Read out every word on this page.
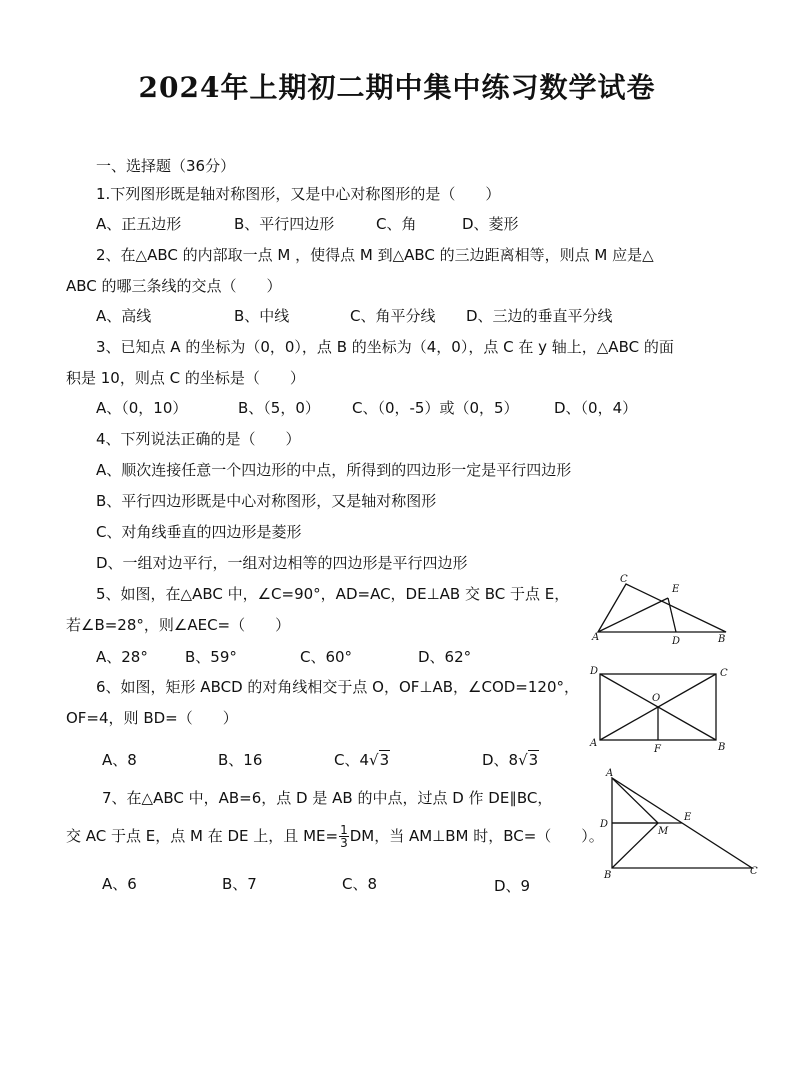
2024年上期初二期中集中练习数学试卷
一、选择题（36分）
1.下列图形既是轴对称图形，又是中心对称图形的是（　　）
A、正五边形	B、平行四边形	C、角	D、菱形
2、在△ABC 的内部取一点 M ，使得点 M 到△ABC 的三边距离相等，则点 M 应是△
ABC 的哪三条线的交点（　　）
A、高线	B、中线	C、角平分线 D、三边的垂直平分线
3、已知点 A 的坐标为（0，0），点 B 的坐标为（4，0），点 C 在 y 轴上，△ABC 的面
积是 10，则点 C 的坐标是（　　）
A、（0，10）	B、（5，0） C、（0，-5）或（0，5） D、（0，4）
4、下列说法正确的是（　　）
A、顺次连接任意一个四边形的中点，所得到的四边形一定是平行四边形
B、平行四边形既是中心对称图形，又是轴对称图形
C、对角线垂直的四边形是菱形
D、一组对边平行，一组对边相等的四边形是平行四边形
5、如图，在△ABC 中，∠C=90°，AD=AC，DE⊥AB 交 BC 于点 E，
若∠B=28°，则∠AEC=（　　）
A、28° B、59°	C、60°	D、62°
C
E
A	D	B
6、如图，矩形 ABCD 的对角线相交于点 O，OF⊥AB，∠COD=120°，
OF=4，则 BD=（　　）
A、8	B、16	C、4√3	D、8√3
D	C
O
A
F	B
7、在△ABC 中，AB=6，点 D 是 AB 的中点，过点 D 作 DE∥BC，
交 AC 于点 E，点 M 在 DE 上，且 $ME= \frac{1}{3}$ DM，当 AM⊥BM 时，BC=（　　）。
A、6	B、7	C、8	D、9
A
D
M
E
B	C
